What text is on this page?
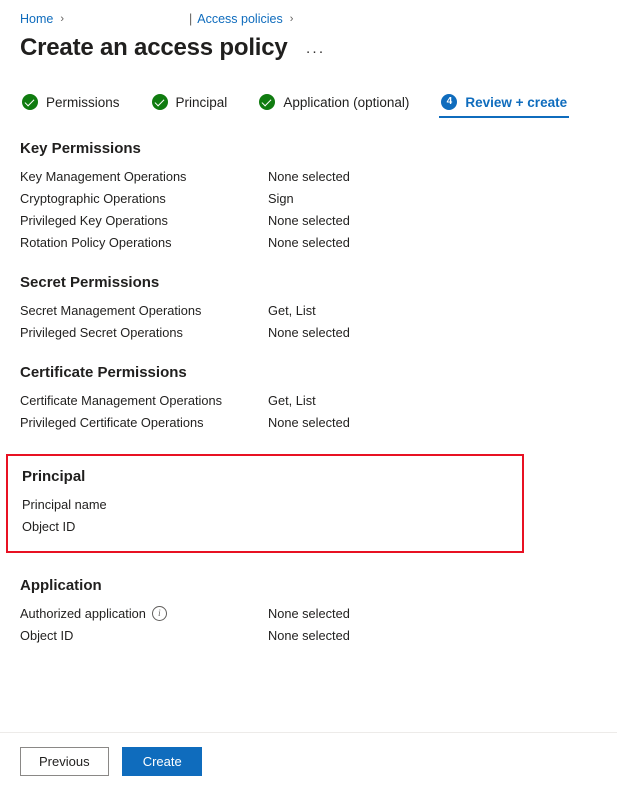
Home ›	| Access policies ›
Create an access policy ···
Permissions	Principal	Application (optional)	4 Review + create
Key Permissions
Key Management Operations	None selected
Cryptographic Operations	Sign
Privileged Key Operations	None selected
Rotation Policy Operations	None selected
Secret Permissions
Secret Management Operations	Get, List
Privileged Secret Operations	None selected
Certificate Permissions
Certificate Management Operations	Get, List
Privileged Certificate Operations	None selected
Principal
Principal name
Object ID
Application
Authorized application	i	None selected
Object ID	None selected
Previous	Create
